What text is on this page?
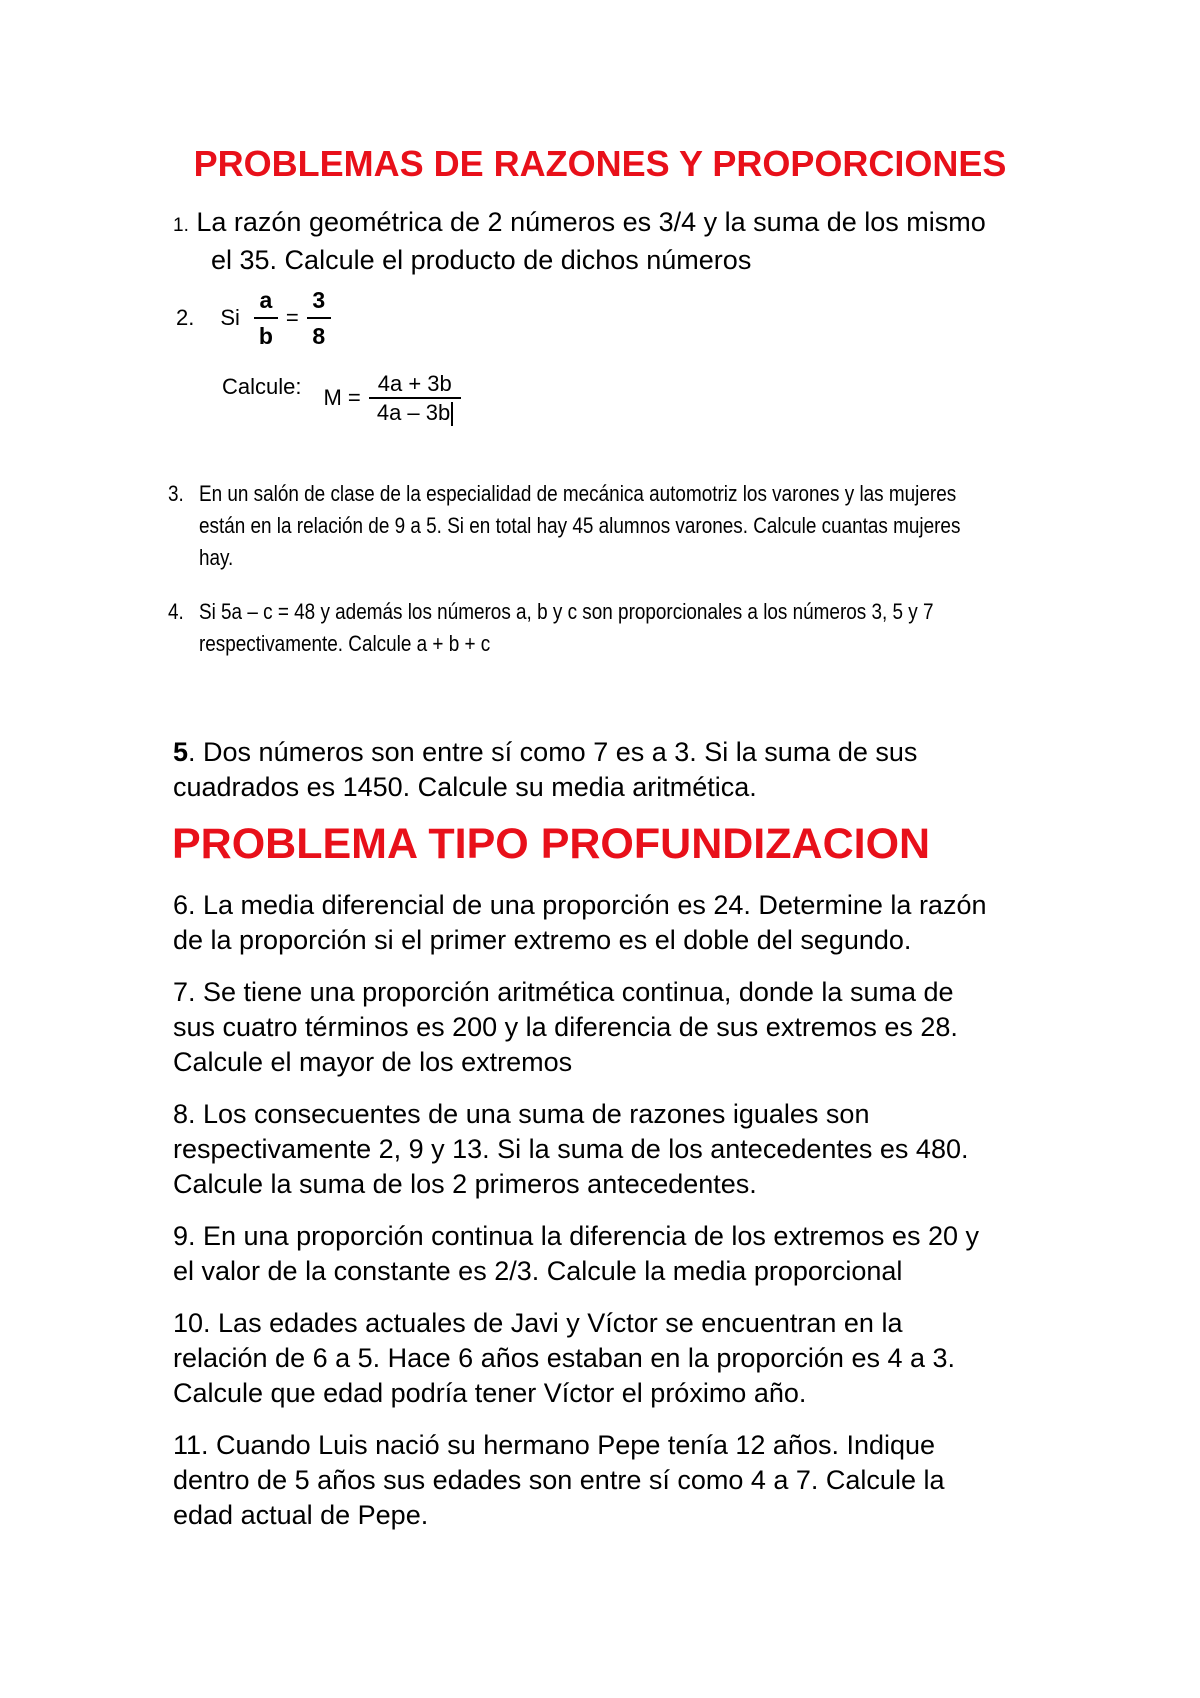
PROBLEMAS DE RAZONES Y PROPORCIONES
1. La razón geométrica de 2 números es 3/4 y la suma de los mismo
el 35. Calcule el producto de dichos números
2. Si $\frac{a}{b} = \frac{3}{8}$
Calcule: $M = \frac{4a + 3b}{4a - 3b}$
3. En un salón de clase de la especialidad de mecánica automotriz los varones y las mujeres
están en la relación de 9 a 5. Si en total hay 45 alumnos varones. Calcule cuantas mujeres
hay.
4. Si 5a – c = 48 y además los números a, b y c son proporcionales a los números 3, 5 y 7
respectivamente. Calcule a + b + c
5. Dos números son entre sí como 7 es a 3. Si la suma de sus
cuadrados es 1450. Calcule su media aritmética.
PROBLEMA TIPO PROFUNDIZACION
6. La media diferencial de una proporción es 24. Determine la razón
de la proporción si el primer extremo es el doble del segundo.
7. Se tiene una proporción aritmética continua, donde la suma de
sus cuatro términos es 200 y la diferencia de sus extremos es 28.
Calcule el mayor de los extremos
8. Los consecuentes de una suma de razones iguales son
respectivamente 2, 9 y 13. Si la suma de los antecedentes es 480.
Calcule la suma de los 2 primeros antecedentes.
9. En una proporción continua la diferencia de los extremos es 20 y
el valor de la constante es 2/3. Calcule la media proporcional
10. Las edades actuales de Javi y Víctor se encuentran en la
relación de 6 a 5. Hace 6 años estaban en la proporción es 4 a 3.
Calcule que edad podría tener Víctor el próximo año.
11. Cuando Luis nació su hermano Pepe tenía 12 años. Indique
dentro de 5 años sus edades son entre sí como 4 a 7. Calcule la
edad actual de Pepe.
